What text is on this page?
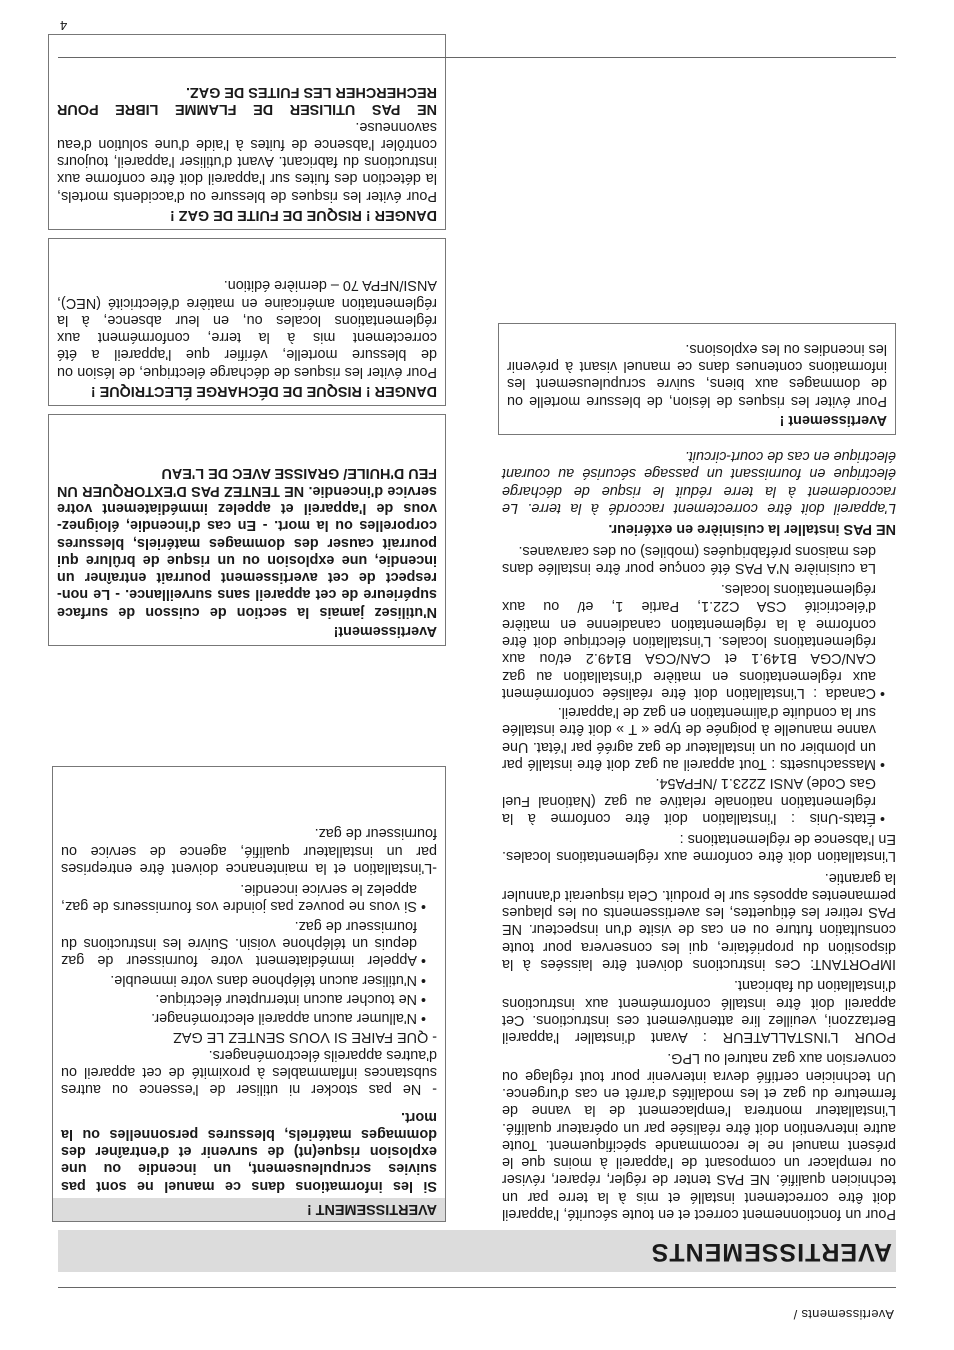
Avertissements /
AVERTISSEMENTS

Pour un fonctionnement correct et en toute sécurité, l'appareil doit être correctement installé et mis à la terre par un technicien qualifié. NE PAS tenter de régler, réparer, réviser ou remplacer un composant de l'appareil à moins que le présent manuel ne le recommande spécifiquement. Toute autre intervention doit être réalisée par un opérateur qualifié. L'installateur montrera l'emplacement de la vanne de fermeture du gaz et les modalités d'arrêt en cas d'urgence. Un technicien certifié devra intervenir pour tout réglage ou conversion aux gaz naturel ou LPG.

POUR L'INSTALLATEUR : Avant d'installer l'appareil Bertazzoni, veuillez lire attentivement ces instructions. Cet appareil doit être installé conformément aux instructions d'installation du fabricant.

IMPORTANT: Ces instructions doivent être laissées à la disposition du propriétaire, qui les conservera pour toute consultation future ou en cas de visite d'un inspecteur. NE PAS retirer les étiquettes, les avertissements ou les plaques permanentes apposés sur le produit. Cela risquerait d'annuler la garantie.

L'installation doit être conforme aux réglementations locales. En l'absence de réglementations :

• États-Unis : l'installation doit être conforme à la réglementation nationale relative au gaz (National Fuel Gas Code) ANSI Z223.1 /NFPA54.
• Massachusetts : Tout appareil au gaz doit être installé par un plombier ou un installateur de gaz agréé par l'état. Une vanne manuelle à poignée de type « T » doit être installée sur la conduite d'alimentation en gaz de l'appareil.
• Canada : L'installation doit être réalisée conformément aux réglementations en matière d'installation au gaz CAN/CGA B149.1 et CAN/CGA B149.2 et/ou aux réglementations locales. L'installation électrique doit être conforme à la réglementation canadienne en matière d'électricité CSA C22.1, Partie 1, et/ ou aux réglementations locales.

La cuisinière N'A PAS été conçue pour être installée dans des maisons préfabriquées (mobiles) ou des caravanes.

NE PAS installer la cuisinière en extérieur.

L'appareil doit être correctement raccordé à la terre. Le raccordement à la terre réduit le risque de décharge électrique en fournissant un passage sécurisé au courant électrique en cas de court-circuit.

Avertissement !

Pour éviter les risques de lésion, de blessure mortelle ou de dommages aux biens, suivre scrupuleusement les informations contenues dans ce manuel visant à prévenir les incendies ou les explosions.

AVERTISSEMENT !

Si les informations dans ce manuel ne sont pas suivies scrupuleusement, un incendie ou une explosion risque(nt) de survenir et d'entraîner des dommages matériels, blessures personnelles ou la mort.

- Ne pas stocker ni utiliser de l'essence ou autres substances inflammables à proximité de cet appareil ou d'autres appareils électroménagers.

- QUE FAIRE SI VOUS SENTEZ LE GAZ

• N'allumer aucun appareil electroménager.
• Ne toucher aucun interrupteur électrique.
• N'utiliser aucun téléphone dans votre immeuble.
• Appeler immédiatement votre fournisseur de gaz depuis un téléphone voisin. Suivre les instructions du fournisseur de gaz.
• Si vous ne pouvez pas joindre vos fournisseurs de gaz, appelez le service incendie.

-L'installation et la maintenance doivent être entreprises par un installateur qualifié, agence de service ou fournisseur de gaz.

Avertissement!

N'utilisez jamais la section de cuisson de surface supérieure de cet appareil sans surveillance. - Le non-respect de cet avertissement pourrait entraîner un incendie, une explosion ou un risque de brûlure qui pourrait causer des dommages matériels, blessures corporelles ou la mort. - En cas d'incendie, éloignez-vous de l'appareil et appelez immédiatement votre service d'incendie. NE TENTEZ PAS D'EXTORQUER UN FEU D'HUILE/ GRAISSE AVEC DE L'EAU

DANGER ! RISQUE DE DÉCHARGE ÉLECTRIQUE !

Pour éviter les risques de décharge électrique, de lésion ou de blessure mortelle, vérifier que l'appareil a été correctement mis à la terre, conformément aux réglementations locales ou, en leur absence, à la réglementation américaine en matière d'électricité (NEC), ANSI/NFPA 70 – dernière édition.

DANGER ! RISQUE DE FUITE DE GAZ !

Pour éviter les risques de blessure ou d'accidents mortels, la détection des fuites sur l'appareil doit être conforme aux instructions du fabricant. Avant d'utiliser l'appareil, toujours contrôler l'absence de fuites à l'aide d'une solution d'eau savonneuse.

NE PAS UTILISER DE FLAMME LIBRE POUR RECHERCHER LES FUITES DE GAZ.

4
